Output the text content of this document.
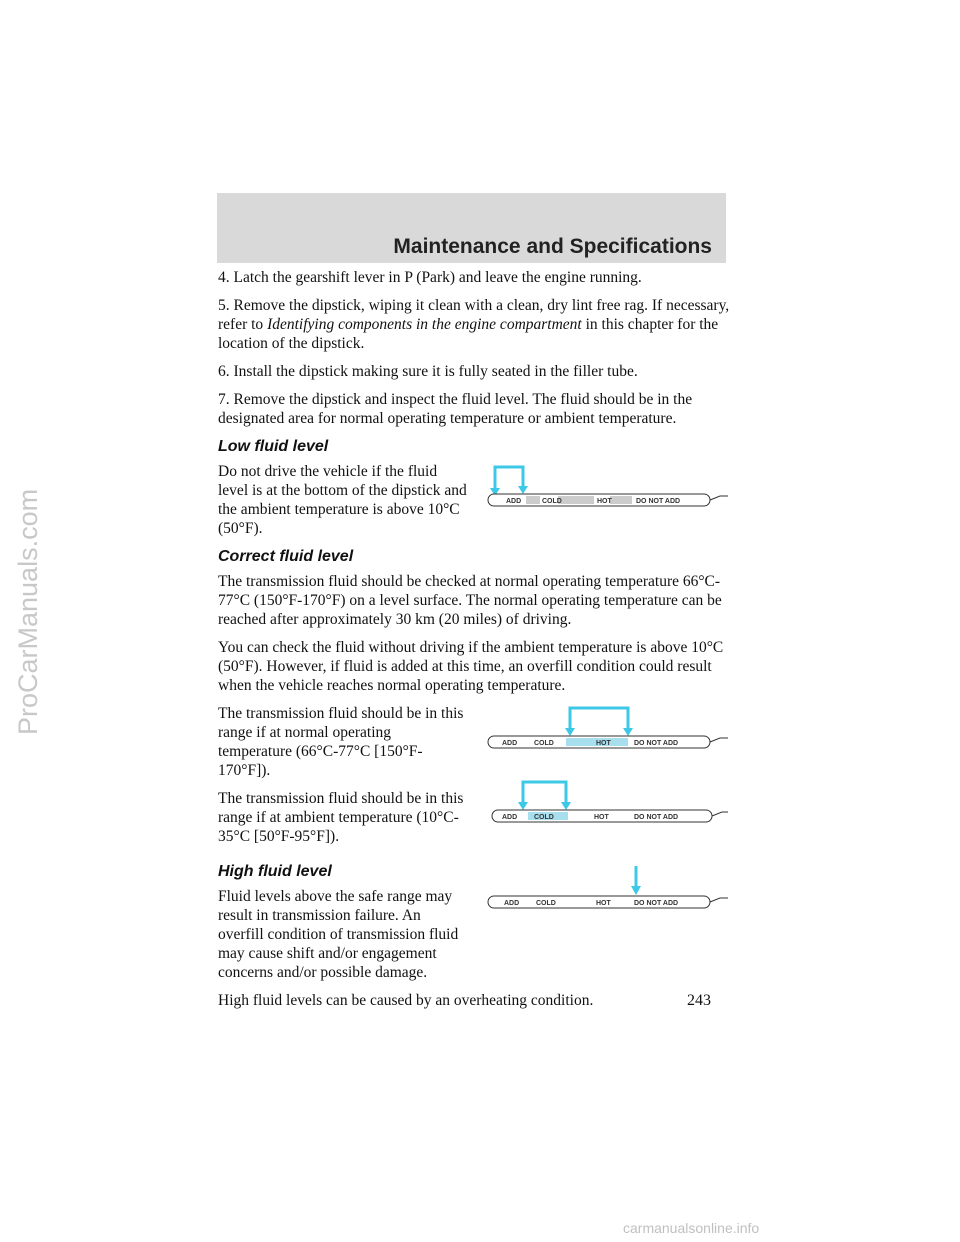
ProCarManuals.com
Maintenance and Specifications

4. Latch the gearshift lever in P (Park) and leave the engine running.

5. Remove the dipstick, wiping it clean with a clean, dry lint free rag. If necessary, refer to Identifying components in the engine compartment in this chapter for the location of the dipstick.

6. Install the dipstick making sure it is fully seated in the filler tube.

7. Remove the dipstick and inspect the fluid level. The fluid should be in the designated area for normal operating temperature or ambient temperature.

Low fluid level

Do not drive the vehicle if the fluid level is at the bottom of the dipstick and the ambient temperature is above 10°C (50°F).

Correct fluid level

The transmission fluid should be checked at normal operating temperature 66°C-77°C (150°F-170°F) on a level surface. The normal operating temperature can be reached after approximately 30 km (20 miles) of driving.

You can check the fluid without driving if the ambient temperature is above 10°C (50°F). However, if fluid is added at this time, an overfill condition could result when the vehicle reaches normal operating temperature.

The transmission fluid should be in this range if at normal operating temperature (66°C-77°C [150°F-170°F]).

The transmission fluid should be in this range if at ambient temperature (10°C-35°C [50°F-95°F]).

High fluid level

Fluid levels above the safe range may result in transmission failure. An overfill condition of transmission fluid may cause shift and/or engagement concerns and/or possible damage.

High fluid levels can be caused by an overheating condition.

ADD	COLD	HOT	DO NOT ADD
ADD COLD	HOT	DO NOT ADD
ADD COLD	HOT	DO NOT ADD
ADD COLD	HOT	DO NOT ADD
243
carmanualsonline.info
